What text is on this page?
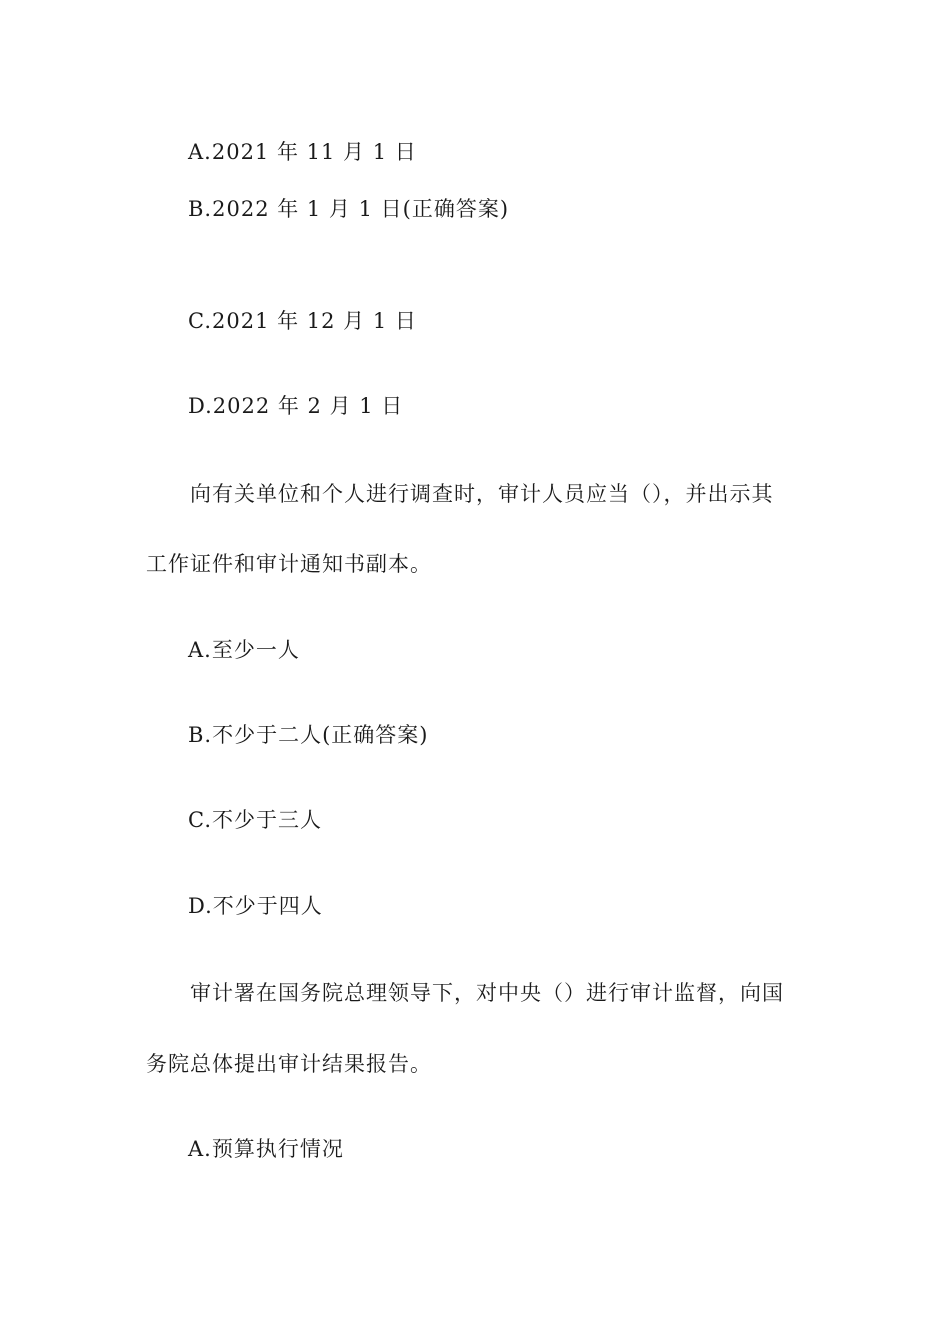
A.2021 年 11 月 1 日
B.2022 年 1 月 1 日(正确答案)
C.2021 年 12 月 1 日
D.2022 年 2 月 1 日
向有关单位和个人进行调查时，审计人员应当（），并出示其
工作证件和审计通知书副本。
A.至少一人
B.不少于二人(正确答案)
C.不少于三人
D.不少于四人
审计署在国务院总理领导下，对中央（）进行审计监督，向国
务院总体提出审计结果报告。
A.预算执行情况
